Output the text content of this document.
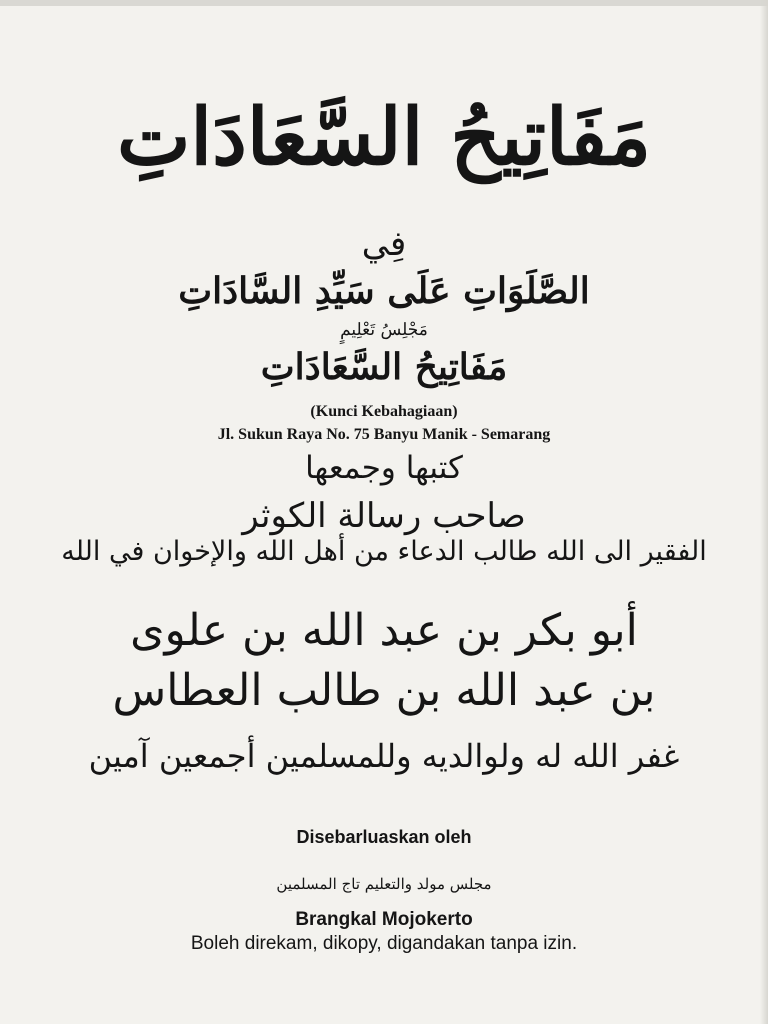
مَفَاتِيحُ السَّعَادَاتِ
فِي
الصَّلَوَاتِ عَلَى سَيِّدِ السَّادَاتِ
مَجْلِسُ تَعْلِيمٍ
مَفَاتِيحُ السَّعَادَاتِ
(Kunci Kebahagiaan)
Jl. Sukun Raya No. 75 Banyu Manik - Semarang
كتبها وجمعها
صاحب رسالة الكوثر
الفقير الى الله طالب الدعاء من أهل الله والإخوان في الله
أبو بكر بن عبد الله بن علوى
بن عبد الله بن طالب العطاس
غفر الله له ولوالديه وللمسلمين أجمعين آمين
Disebarluaskan oleh
مجلس مولد والتعليم تاج المسلمين
Brangkal Mojokerto
Boleh direkam, dikopy, digandakan tanpa izin.
